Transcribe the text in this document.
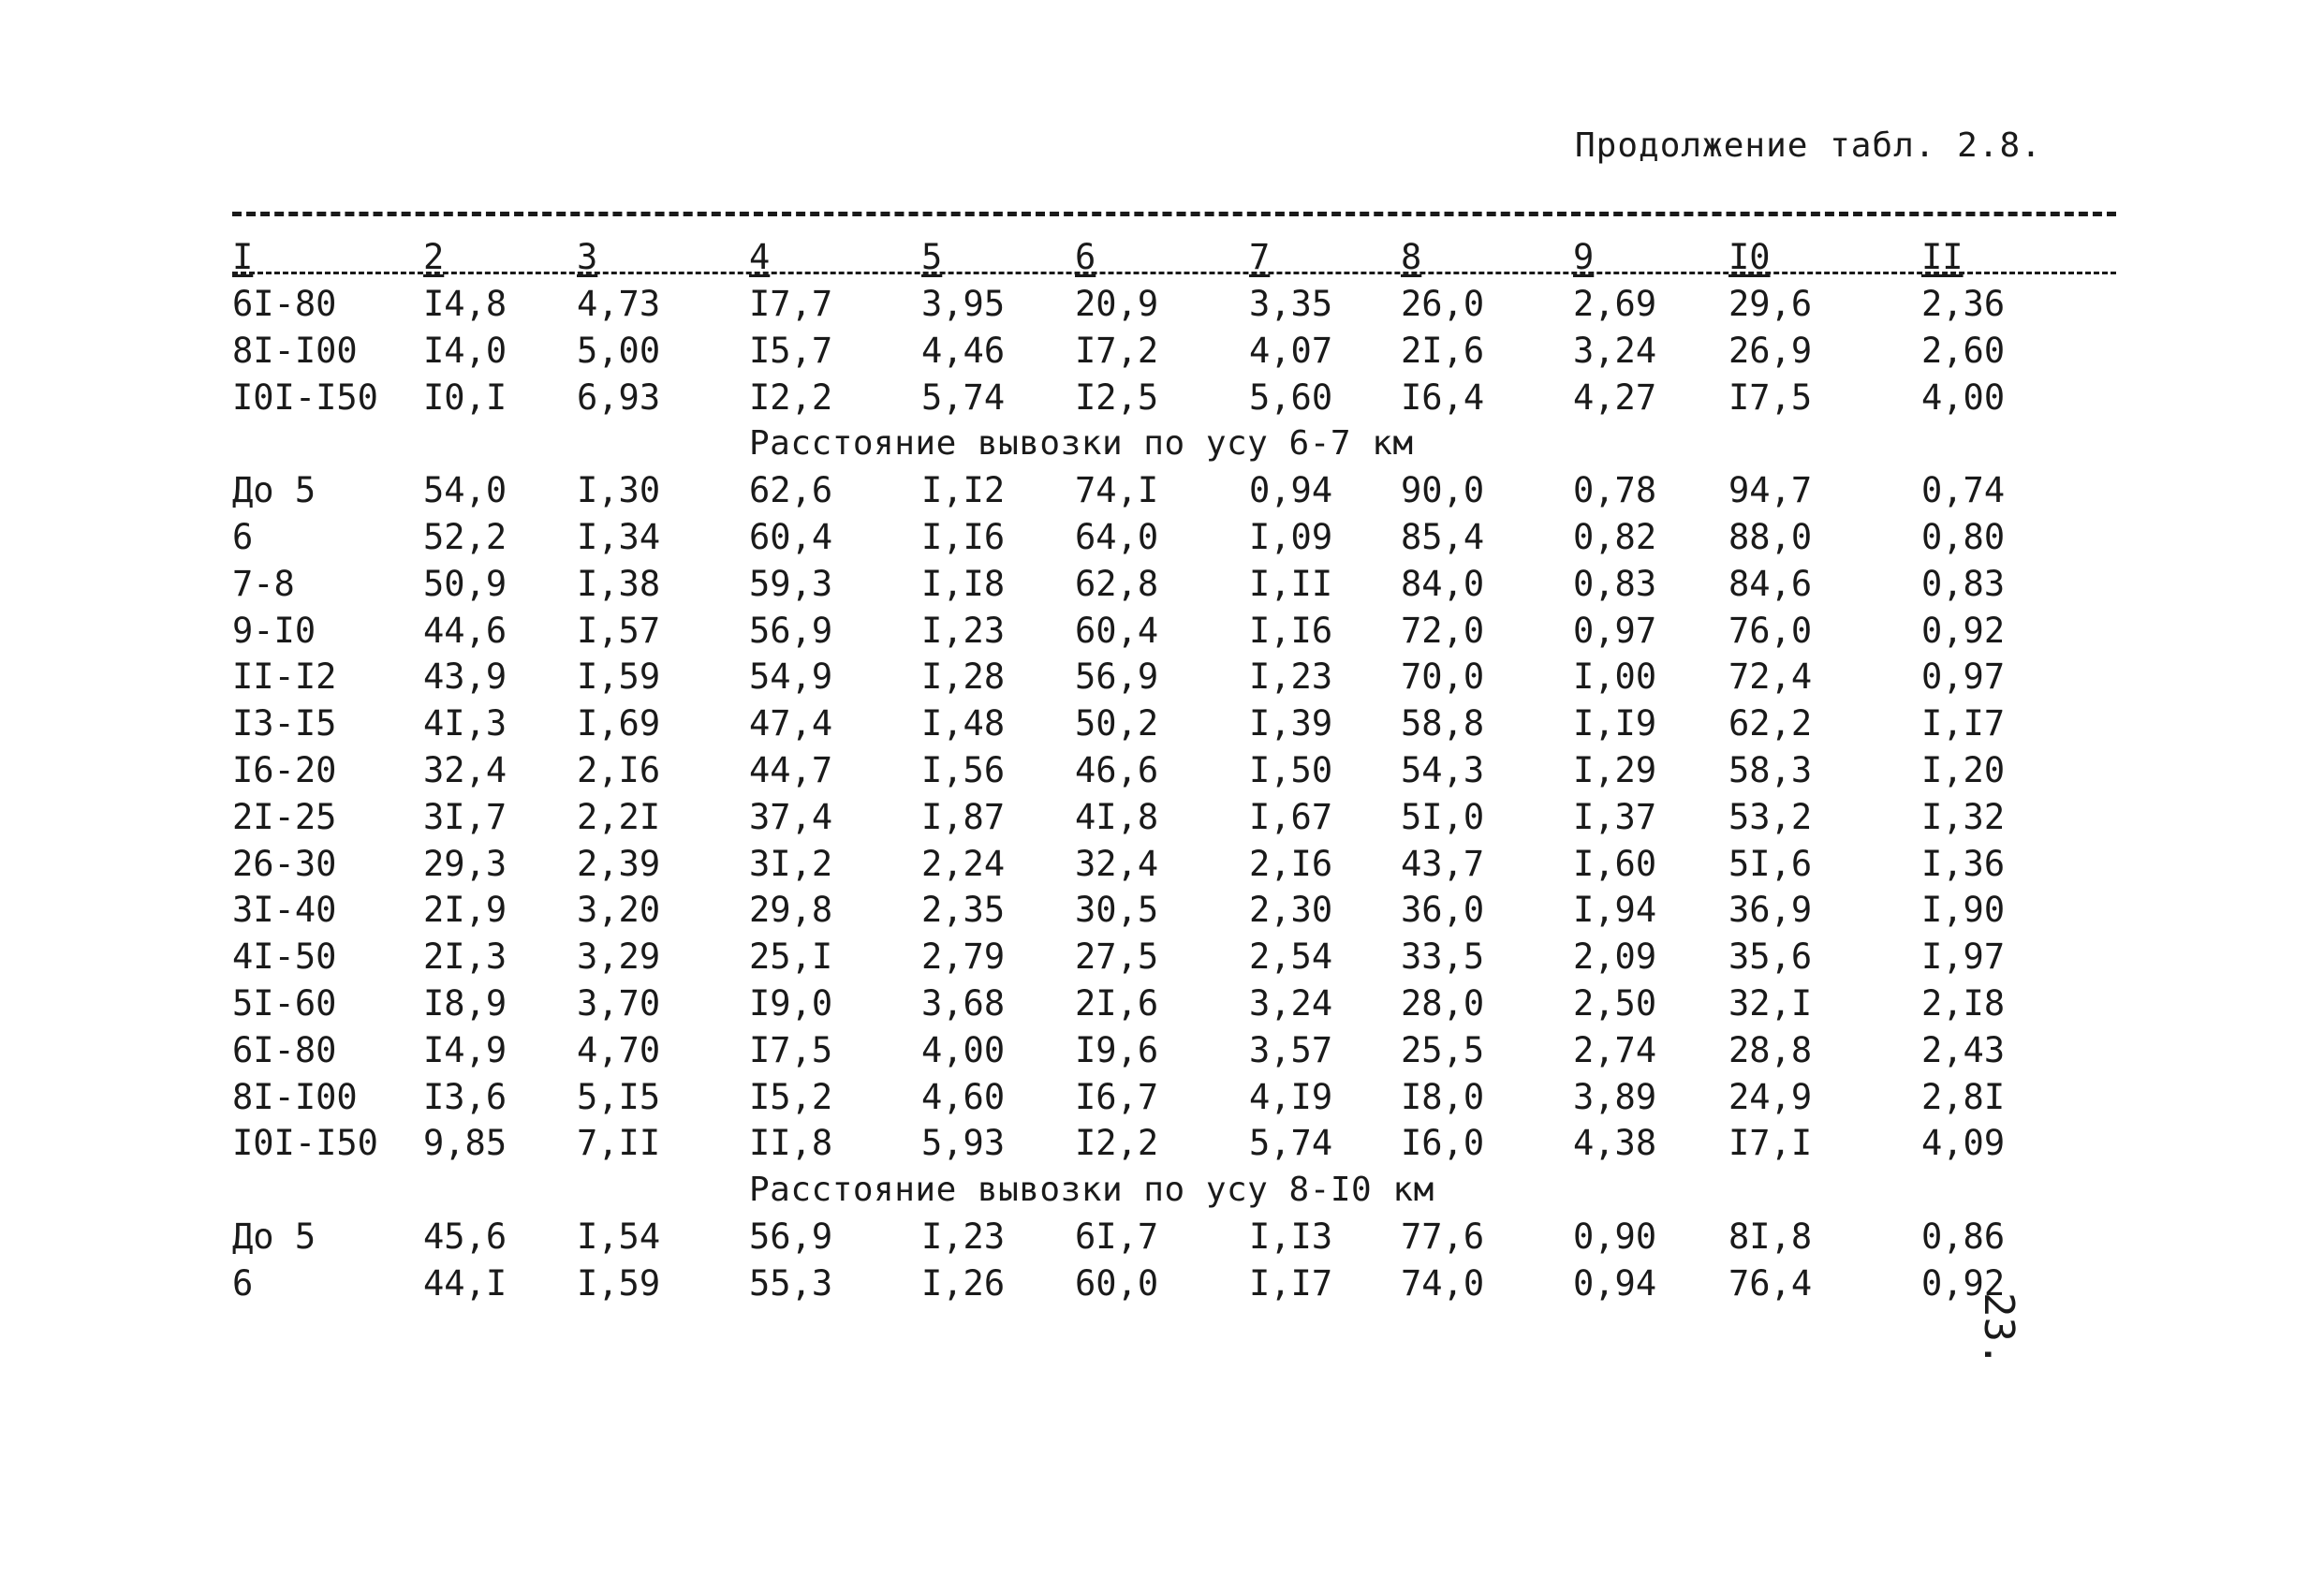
Продолжение табл. 2.8.
I	2	3	4	5	6	7	8	9	I0	II
6I-80	I4,8 4,73	I7,7	3,95 20,9	3,35 26,0	2,69 29,6	2,36
8I-I00 I4,0 5,00	I5,7	4,46 I7,2	4,07 2I,6	3,24 26,9	2,60
I0I-I50 I0,I 6,93	I2,2	5,74 I2,5	5,60 I6,4	4,27 I7,5	4,00
Расстояние вывозки по усу 6-7 км
До 5	54,0 I,30	62,6	I,I2 74,I	0,94 90,0	0,78 94,7	0,74
6	52,2 I,34	60,4	I,I6 64,0	I,09 85,4	0,82 88,0	0,80
7-8	50,9 I,38	59,3	I,I8 62,8	I,II 84,0	0,83 84,6	0,83
9-I0	44,6 I,57	56,9	I,23 60,4	I,I6 72,0	0,97 76,0	0,92
II-I2	43,9 I,59	54,9	I,28 56,9	I,23 70,0	I,00 72,4	0,97
I3-I5	4I,3 I,69	47,4	I,48 50,2	I,39 58,8	I,I9 62,2	I,I7
I6-20	32,4 2,I6	44,7	I,56 46,6	I,50 54,3	I,29 58,3	I,20
2I-25	3I,7 2,2I	37,4	I,87 4I,8	I,67 5I,0	I,37 53,2	I,32
26-30	29,3 2,39	3I,2	2,24 32,4	2,I6 43,7	I,60 5I,6	I,36
3I-40	2I,9 3,20	29,8	2,35 30,5	2,30 36,0	I,94 36,9	I,90
4I-50	2I,3 3,29	25,I	2,79 27,5	2,54 33,5	2,09 35,6	I,97
5I-60	I8,9 3,70	I9,0	3,68 2I,6	3,24 28,0	2,50 32,I	2,I8
6I-80	I4,9 4,70	I7,5	4,00 I9,6	3,57 25,5	2,74 28,8	2,43
8I-I00 I3,6 5,I5	I5,2	4,60 I6,7	4,I9 I8,0	3,89 24,9	2,8I
I0I-I50 9,85 7,II	II,8	5,93 I2,2	5,74 I6,0	4,38 I7,I	4,09
Расстояние вывозки по усу 8-I0 км
До 5	45,6 I,54	56,9	I,23 6I,7	I,I3 77,6	0,90 8I,8	0,86
6	44,I I,59	55,3	I,26 60,0	I,I7 74,0	0,94 76,4	0,92
23.
